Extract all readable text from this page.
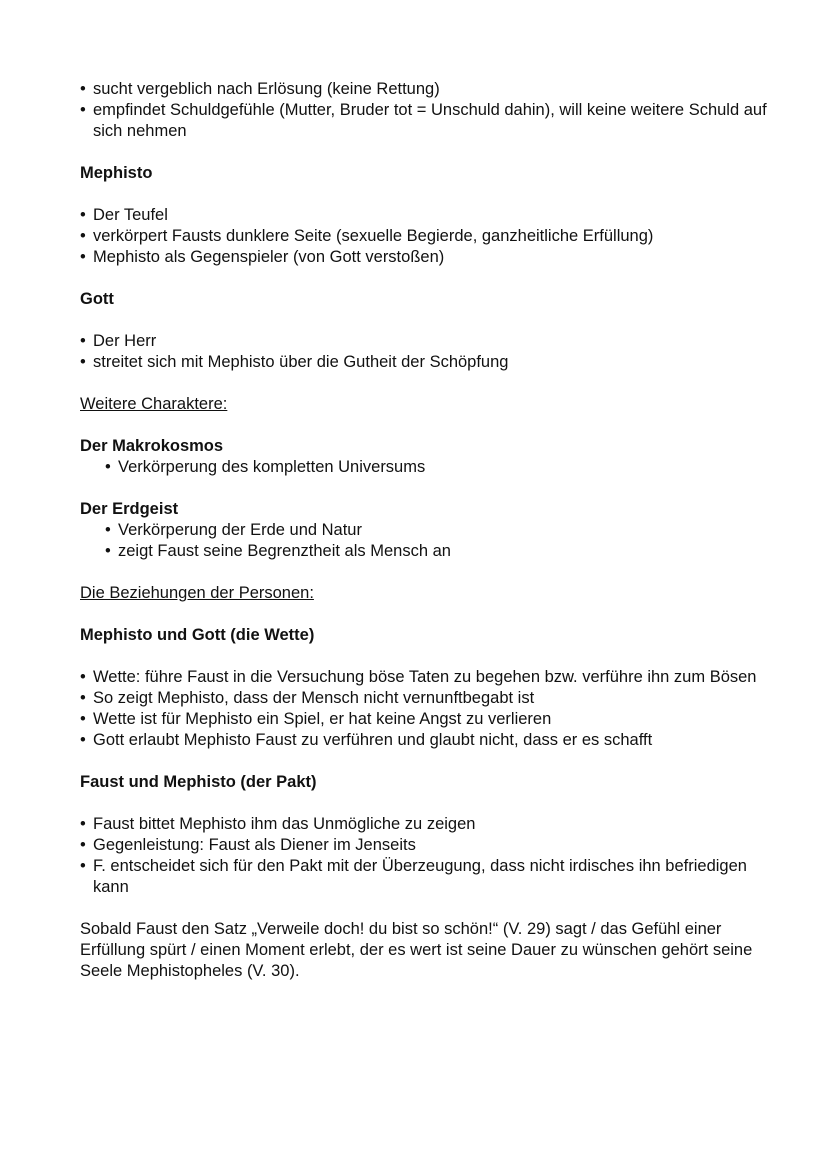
• sucht vergeblich nach Erlösung (keine Rettung)
• empfindet Schuldgefühle (Mutter, Bruder tot = Unschuld dahin), will keine weitere Schuld auf sich nehmen
Mephisto
• Der Teufel
• verkörpert Fausts dunklere Seite (sexuelle Begierde, ganzheitliche Erfüllung)
• Mephisto als Gegenspieler (von Gott verstoßen)
Gott
• Der Herr
• streitet sich mit Mephisto über die Gutheit der Schöpfung

Weitere Charaktere:

Der Makrokosmos
• Verkörperung des kompletten Universums
Der Erdgeist
• Verkörperung der Erde und Natur
• zeigt Faust seine Begrenztheit als Mensch an

Die Beziehungen der Personen:

Mephisto und Gott (die Wette)
• Wette: führe Faust in die Versuchung böse Taten zu begehen bzw. verführe ihn zum Bösen
• So zeigt Mephisto, dass der Mensch nicht vernunftbegabt ist
• Wette ist für Mephisto ein Spiel, er hat keine Angst zu verlieren
• Gott erlaubt Mephisto Faust zu verführen und glaubt nicht, dass er es schafft
Faust und Mephisto (der Pakt)
• Faust bittet Mephisto ihm das Unmögliche zu zeigen
• Gegenleistung: Faust als Diener im Jenseits
• F. entscheidet sich für den Pakt mit der Überzeugung, dass nicht irdisches ihn befriedigen kann

Sobald Faust den Satz „Verweile doch! du bist so schön!“ (V. 29) sagt / das Gefühl einer Erfüllung spürt / einen Moment erlebt, der es wert ist seine Dauer zu wünschen gehört seine Seele Mephistopheles (V. 30).
